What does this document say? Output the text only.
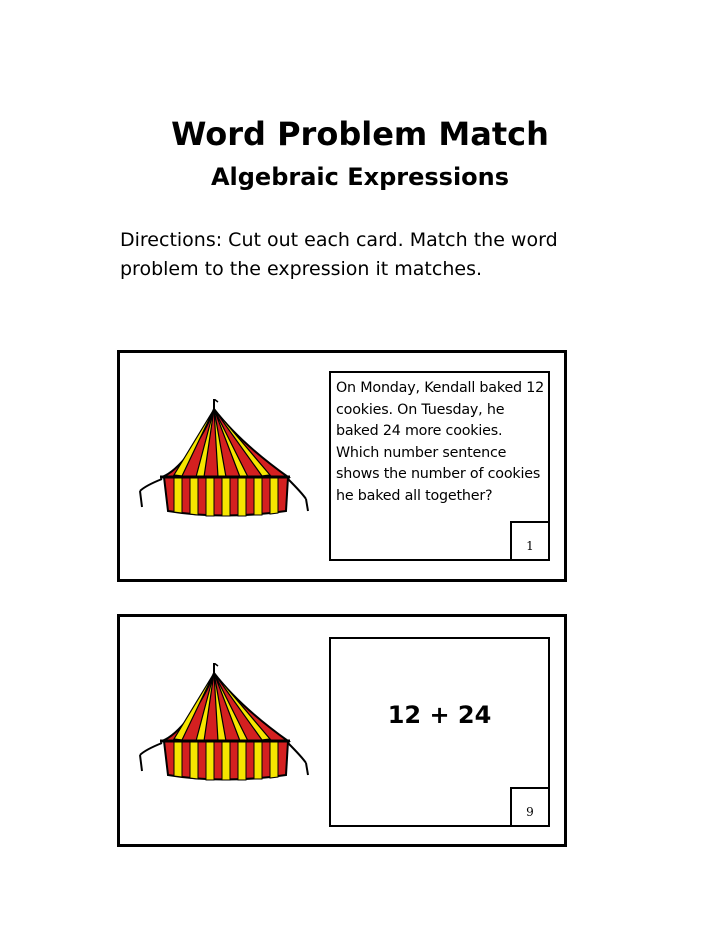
Word Problem Match
Algebraic Expressions
Directions: Cut out each card. Match the word problem to the expression it matches.
On Monday, Kendall baked 12 cookies. On Tuesday, he baked 24 more cookies. Which number sentence shows the number of cookies he baked all together?
1
12 + 24
9
